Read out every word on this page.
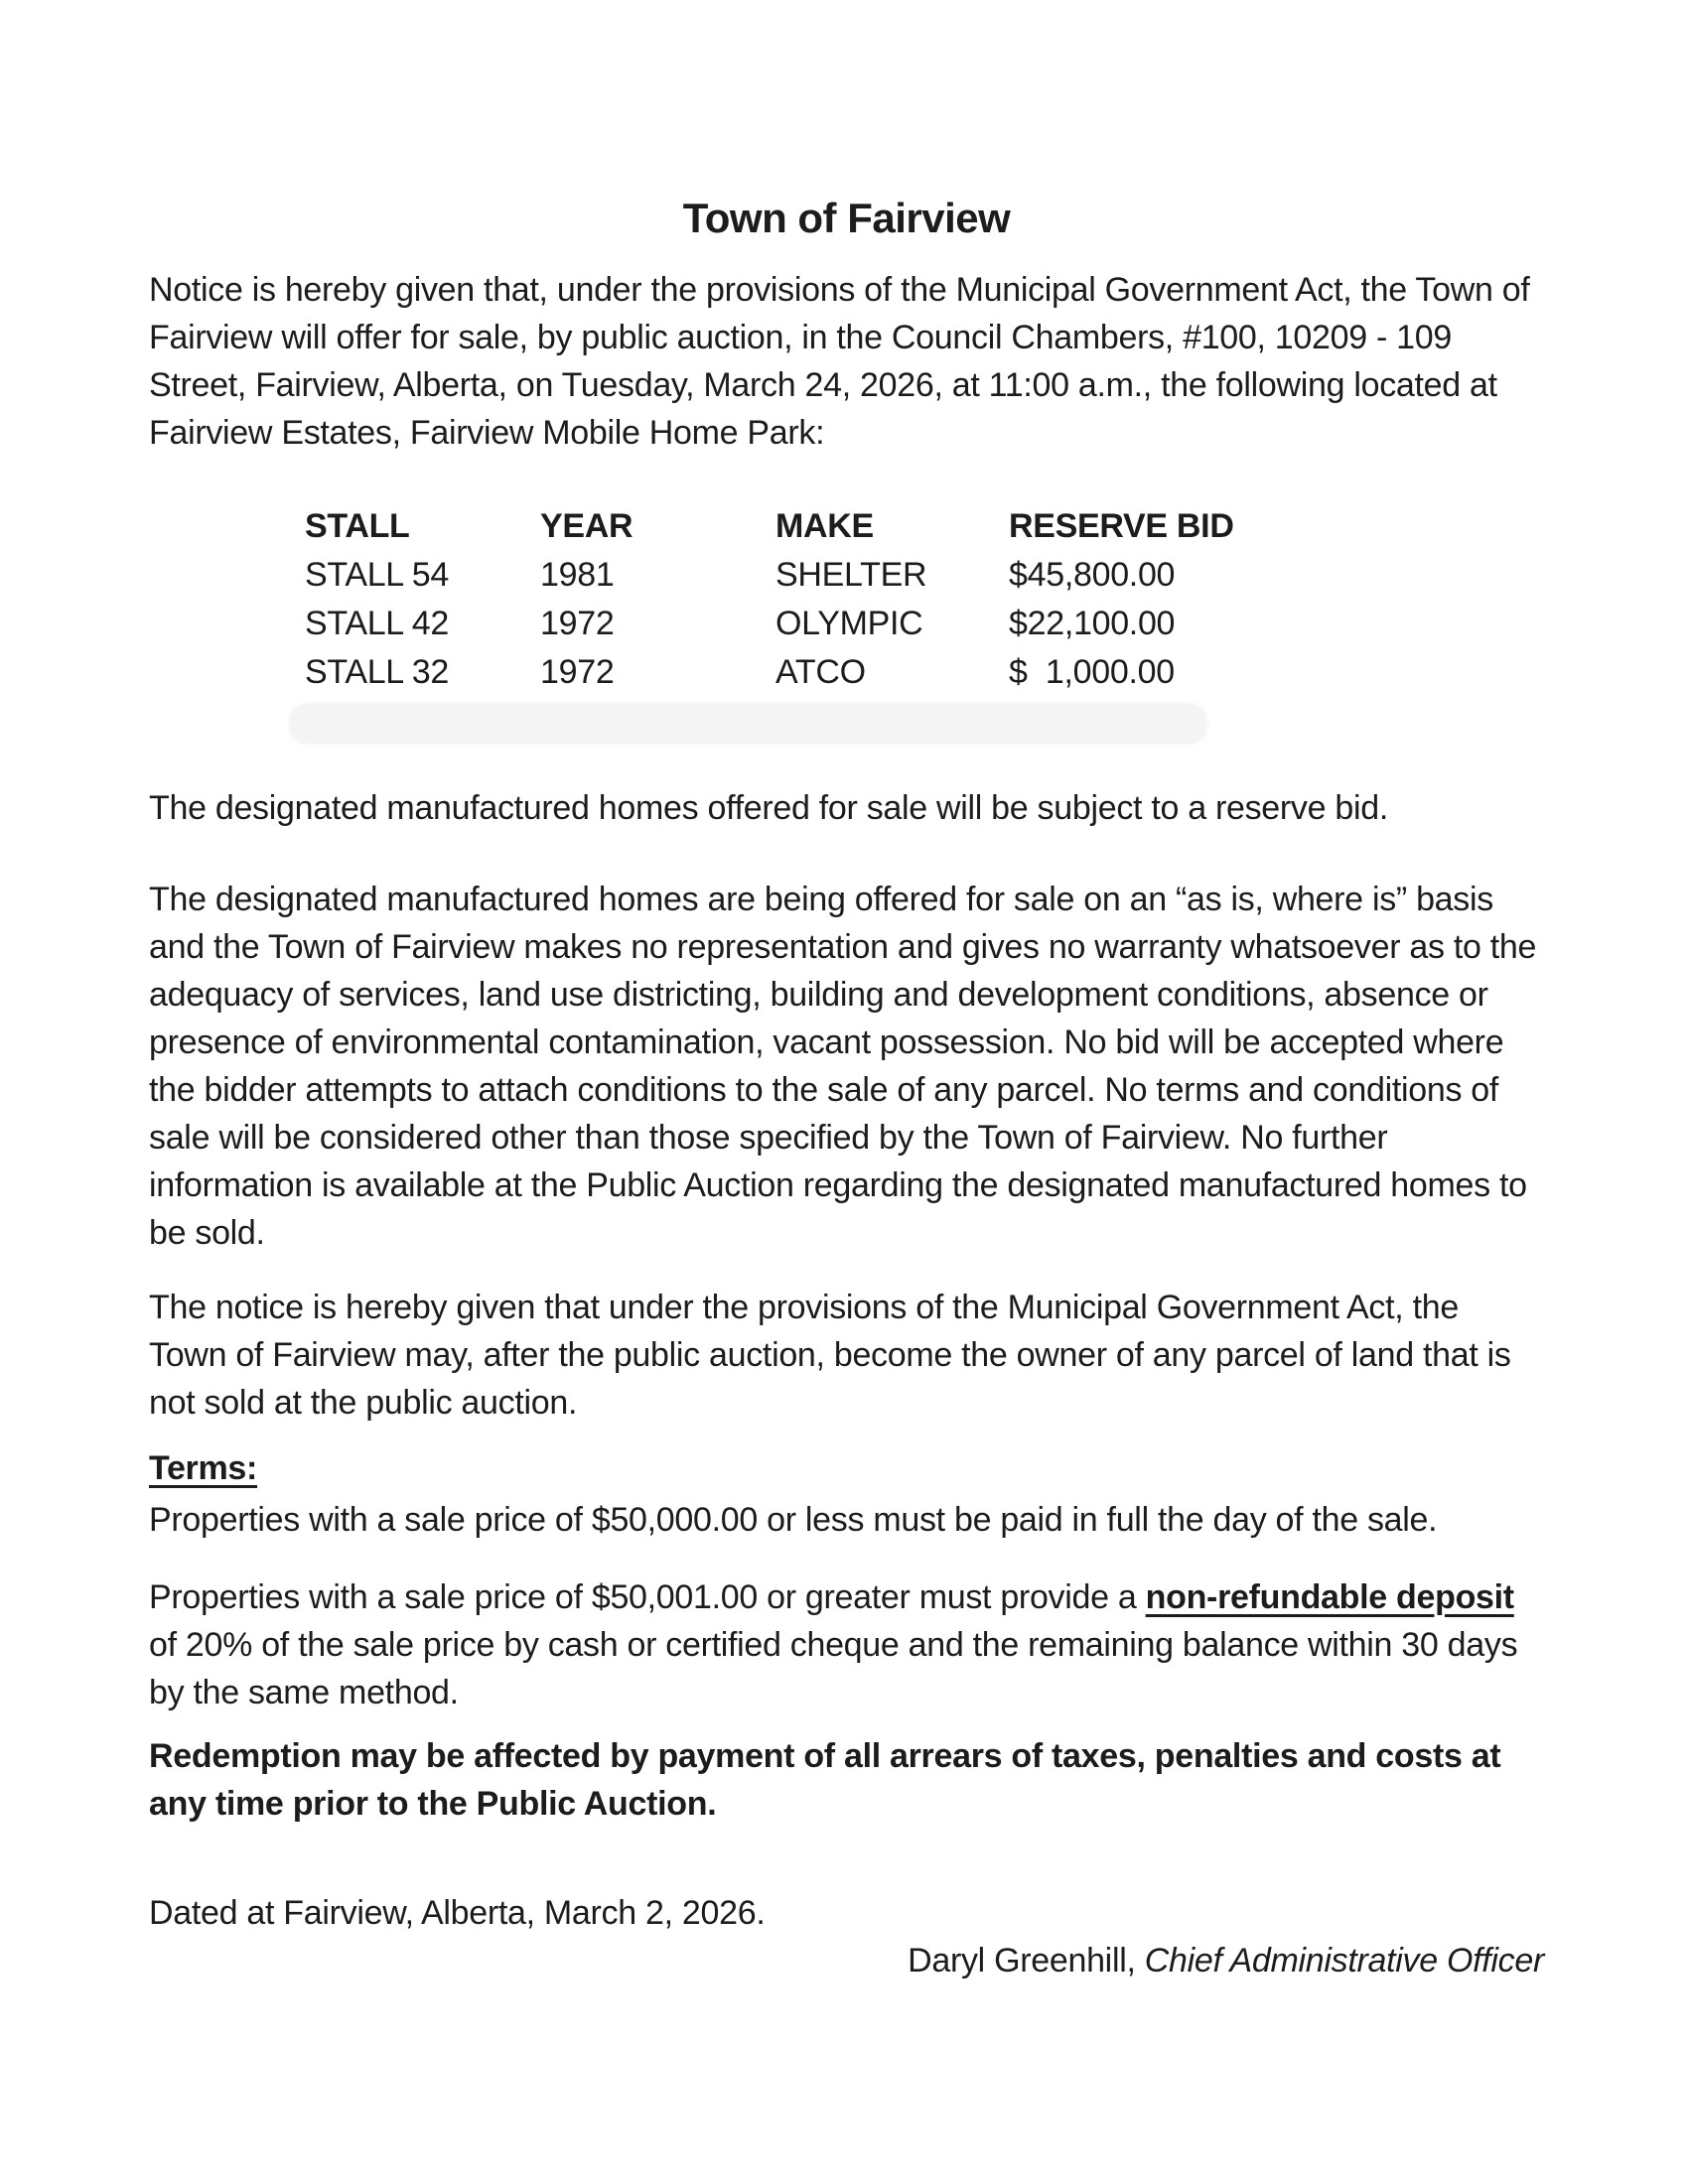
Town of Fairview

Notice is hereby given that, under the provisions of the Municipal Government Act, the Town of Fairview will offer for sale, by public auction, in the Council Chambers, #100, 10209 - 109 Street, Fairview, Alberta, on Tuesday, March 24, 2026, at 11:00 a.m., the following located at Fairview Estates, Fairview Mobile Home Park:

STALL	YEAR	MAKE	RESERVE BID
STALL 54	1981	SHELTER	$45,800.00
STALL 42	1972	OLYMPIC	$22,100.00
STALL 32	1972	ATCO	$  1,000.00

The designated manufactured homes offered for sale will be subject to a reserve bid.

The designated manufactured homes are being offered for sale on an “as is, where is” basis and the Town of Fairview makes no representation and gives no warranty whatsoever as to the adequacy of services, land use districting, building and development conditions, absence or presence of environmental contamination, vacant possession. No bid will be accepted where the bidder attempts to attach conditions to the sale of any parcel. No terms and conditions of sale will be considered other than those specified by the Town of Fairview. No further information is available at the Public Auction regarding the designated manufactured homes to be sold.

The notice is hereby given that under the provisions of the Municipal Government Act, the Town of Fairview may, after the public auction, become the owner of any parcel of land that is not sold at the public auction.

Terms:

Properties with a sale price of $50,000.00 or less must be paid in full the day of the sale.

Properties with a sale price of $50,001.00 or greater must provide a non-refundable deposit of 20% of the sale price by cash or certified cheque and the remaining balance within 30 days by the same method.

Redemption may be affected by payment of all arrears of taxes, penalties and costs at any time prior to the Public Auction.

Dated at Fairview, Alberta, March 2, 2026.

Daryl Greenhill, Chief Administrative Officer
